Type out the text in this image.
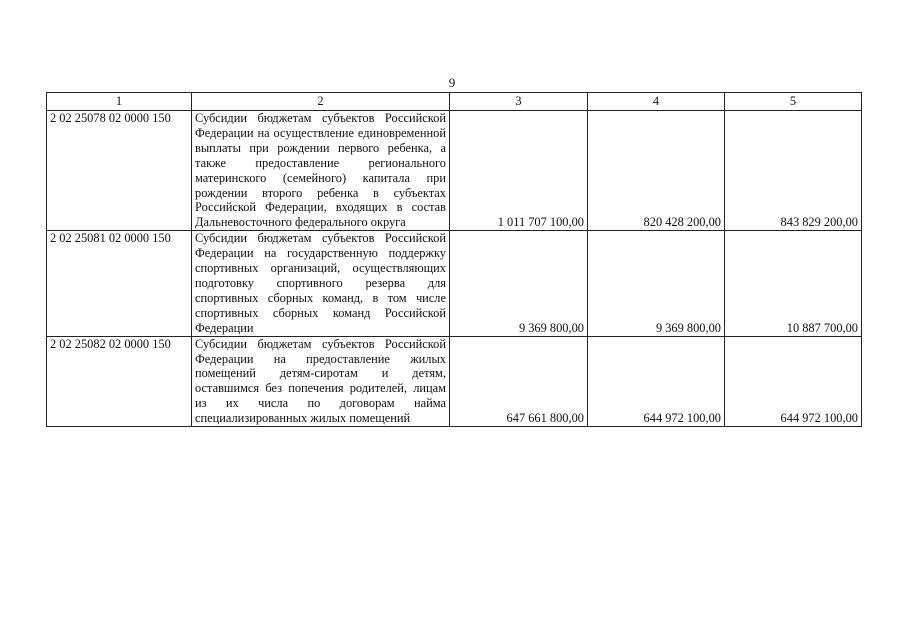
9
1	2	3	4	5
2 02 25078 02 0000 150	Субсидии бюджетам субъектов Российской Федерации на осуществление единовременной выплаты при рождении первого ребенка, а также предоставление регионального материнского (семейного) капитала при рождении второго ребенка в субъектах Российской Федерации, входящих в состав Дальневосточного федерального округа	1 011 707 100,00	820 428 200,00	843 829 200,00
2 02 25081 02 0000 150	Субсидии бюджетам субъектов Российской Федерации на государственную поддержку спортивных организаций, осуществляющих подготовку спортивного резерва для спортивных сборных команд, в том числе спортивных сборных команд Российской Федерации	9 369 800,00	9 369 800,00	10 887 700,00
2 02 25082 02 0000 150	Субсидии бюджетам субъектов Российской Федерации на предоставление жилых помещений детям-сиротам и детям, оставшимся без попечения родителей, лицам из их числа по договорам найма специализированных жилых помещений	647 661 800,00	644 972 100,00	644 972 100,00
